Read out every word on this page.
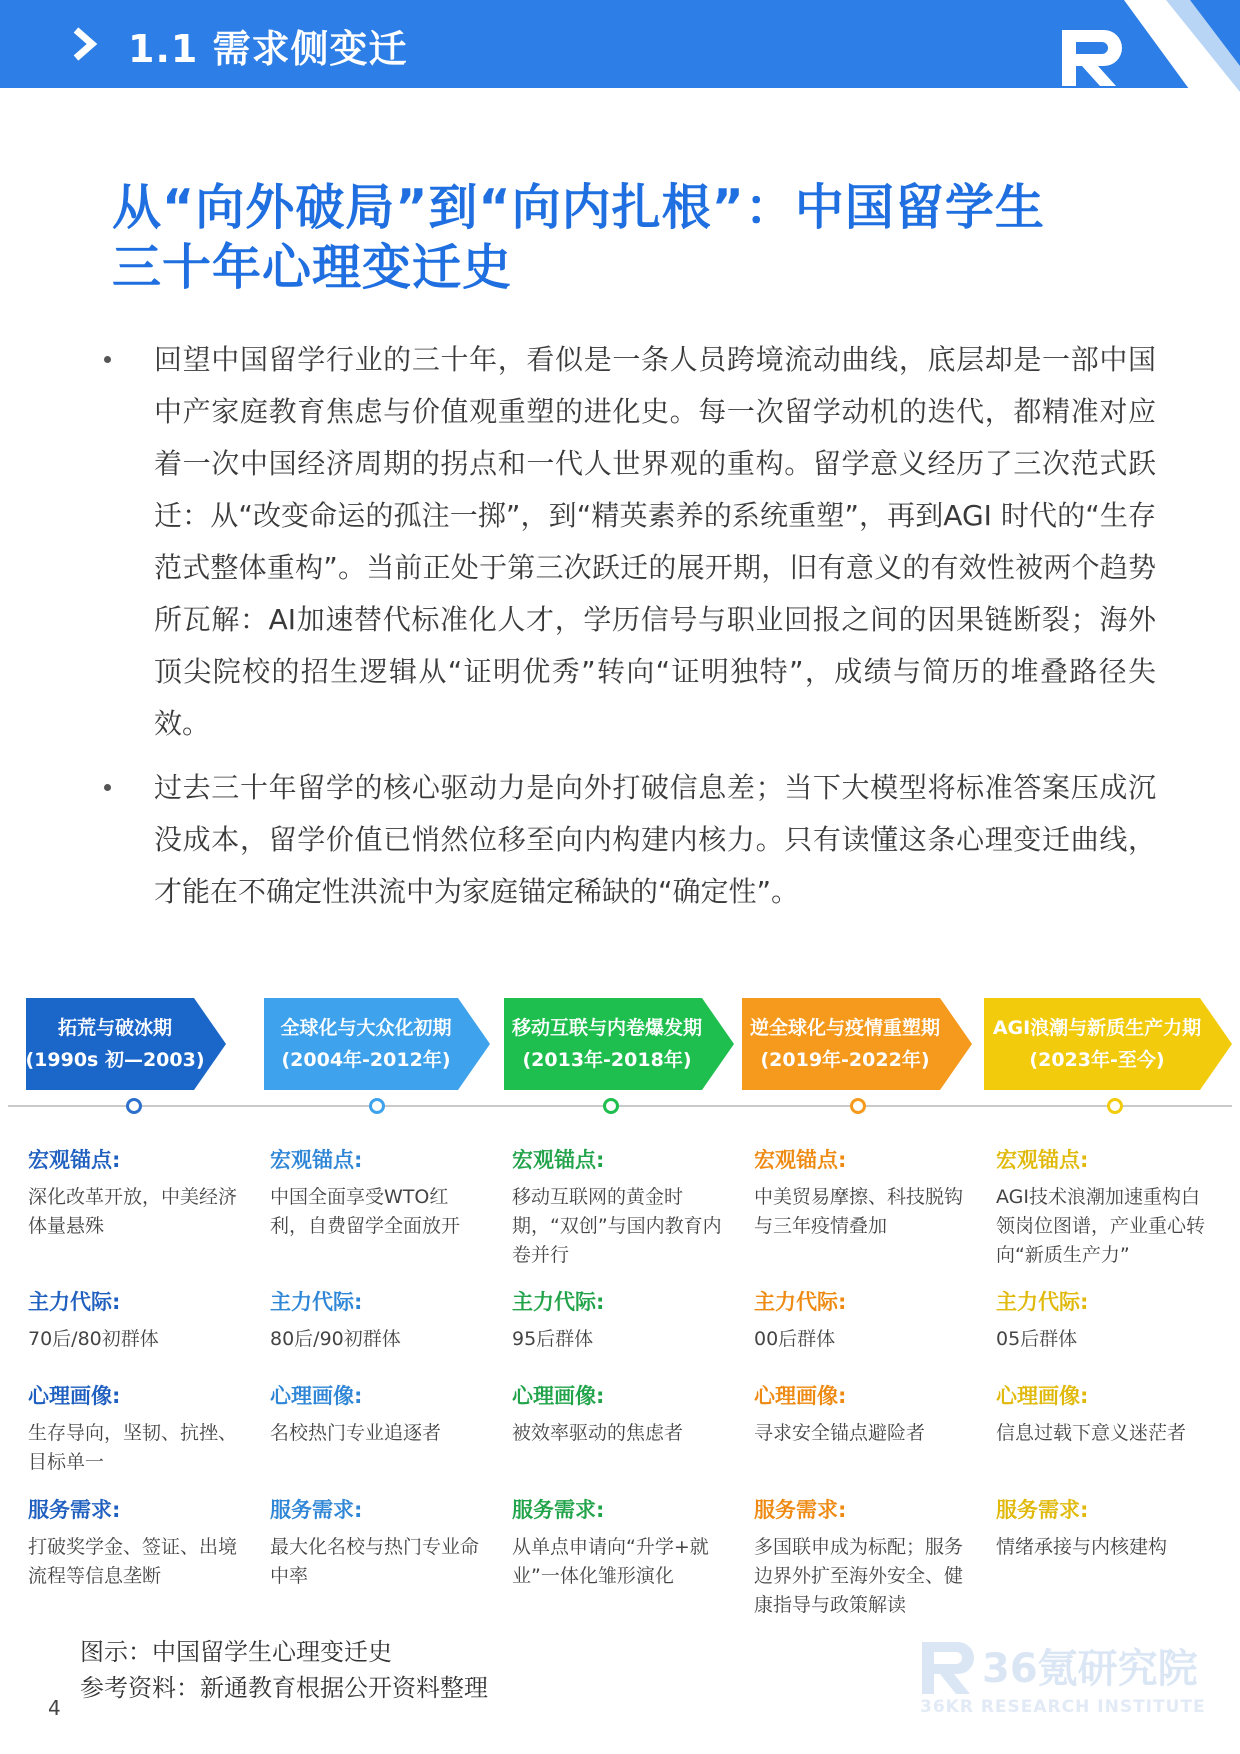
1.1 需求侧变迁
从“向外破局”到“向内扎根”：中国留学生
三十年心理变迁史
回望中国留学行业的三十年，看似是一条人员跨境流动曲线，底层却是一部中国中产家庭教育焦虑与价值观重塑的进化史。每一次留学动机的迭代，都精准对应着一次中国经济周期的拐点和一代人世界观的重构。留学意义经历了三次范式跃迁：从“改变命运的孤注一掷”，到“精英素养的系统重塑”，再到AGI 时代的“生存范式整体重构”。当前正处于第三次跃迁的展开期，旧有意义的有效性被两个趋势所瓦解：AI加速替代标准化人才，学历信号与职业回报之间的因果链断裂；海外顶尖院校的招生逻辑从“证明优秀”转向“证明独特”，成绩与简历的堆叠路径失效。
过去三十年留学的核心驱动力是向外打破信息差；当下大模型将标准答案压成沉没成本，留学价值已悄然位移至向内构建内核力。只有读懂这条心理变迁曲线，才能在不确定性洪流中为家庭锚定稀缺的“确定性”。
拓荒与破冰期
(1990s 初—2003)
全球化与大众化初期
(2004年-2012年)
移动互联与内卷爆发期
(2013年-2018年)
逆全球化与疫情重塑期
(2019年-2022年)
AGI浪潮与新质生产力期
(2023年-至今)
宏观锚点:
深化改革开放，中美经济体量悬殊
主力代际:
70后/80初群体
心理画像:
生存导向，坚韧、抗挫、目标单一
服务需求:
打破奖学金、签证、出境流程等信息垄断
宏观锚点:
中国全面享受WTO红利，自费留学全面放开
主力代际:
80后/90初群体
心理画像:
名校热门专业追逐者
服务需求:
最大化名校与热门专业命中率
宏观锚点:
移动互联网的黄金时期，“双创”与国内教育内卷并行
主力代际:
95后群体
心理画像:
被效率驱动的焦虑者
服务需求:
从单点申请向“升学+就业”一体化雏形演化
宏观锚点:
中美贸易摩擦、科技脱钩与三年疫情叠加
主力代际:
00后群体
心理画像:
寻求安全锚点避险者
服务需求:
多国联申成为标配；服务边界外扩至海外安全、健康指导与政策解读
宏观锚点:
AGI技术浪潮加速重构白领岗位图谱，产业重心转向“新质生产力”
主力代际:
05后群体
心理画像:
信息过载下意义迷茫者
服务需求:
情绪承接与内核建构
图示：中国留学生心理变迁史
参考资料：新通教育根据公开资料整理	36氪研究院
36KR RESEARCH INSTITUTE
4
